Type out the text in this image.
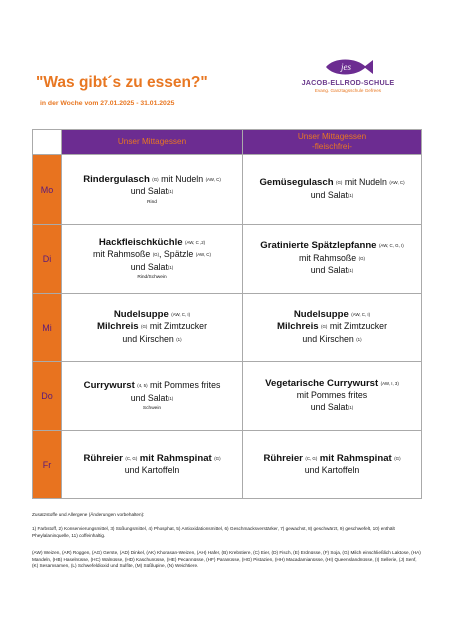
"Was gibt´s zu essen?"
in der Woche vom 27.01.2025 - 31.01.2025
jes
JACOB-ELLROD-SCHULE
Evang. Ganztagsschule Gefrees
	Unser Mittagessen	Unser Mittagessen
-fleischfrei-
Mo	Rindergulasch $_{(G)}$ mit Nudeln $_{(AW, C)}$
und Salat$_{(1)}$
Rind	Gemüsegulasch $_{(G)}$ mit Nudeln $_{(AW, C)}$
und Salat$_{(1)}$
Di	Hackfleischküchle $_{(AW, C ,2)}$
mit Rahmsoße $_{(G)}$, Spätzle $_{(AW, C)}$
und Salat$_{(1)}$
Rind/Schwein	Gratinierte Spätzlepfanne $_{(AW, C, G, I)}$
mit Rahmsoße $_{(G)}$
und Salat$_{(1)}$
Mi	Nudelsuppe $_{(AW, C, I)}$
Milchreis $_{(G)}$ mit Zimtzucker
und Kirschen $_{(1)}$	Nudelsuppe $_{(AW, C, I)}$
Milchreis $_{(G)}$ mit Zimtzucker
und Kirschen $_{(1)}$
Do	Currywurst $_{(4, 5)}$ mit Pommes frites
und Salat$_{(1)}$
Schwein	Vegetarische Currywurst $_{(AW, I, 3)}$
mit Pommes frites
und Salat$_{(1)}$
Fr	Rühreier $_{(C, G)}$ mit Rahmspinat $_{(G)}$
und Kartoffeln	Rühreier $_{(C, G)}$ mit Rahmspinat $_{(G)}$
und Kartoffeln
Zusatzstoffe und Allergene (Änderungen vorbehalten):
1) Farbstoff, 2) Konservierungsmittel, 3) Süßungsmittel, 4) Phosphat, 5) Antioxidationsmittel, 6) Geschmacksverstärker, 7) gewachst, 8) geschwärzt, 9) geschwefelt, 10) enthält Pheylalaninquelle, 11) coffeinhaltig.
(AW) Weizen, (AR) Roggen, (AG) Gerste, (AD) Dinkel, (AK) Khorasan-Weizen, (AH) Hafer, (B) Krebstiere, (C) Eier, (D) Fisch, (E) Erdnüsse, (F) Soja, (G) Milch einschließlich Laktose, (HA) Mandeln, (HB) Haselnüsse, (HC) Walnüsse, (HD) Kaschunüsse, (HE) Pecannüsse, (HF) Paranüsse, (HG) Pistazien, (HH) Macadamianüsse, (HI) Queenslandnüsse, (I) Sellerie, (J) Senf, (K) Sesamsamen, (L) Schwefeldioxid und Sulfite, (M) Süßlupine, (N) Weichtiere.
